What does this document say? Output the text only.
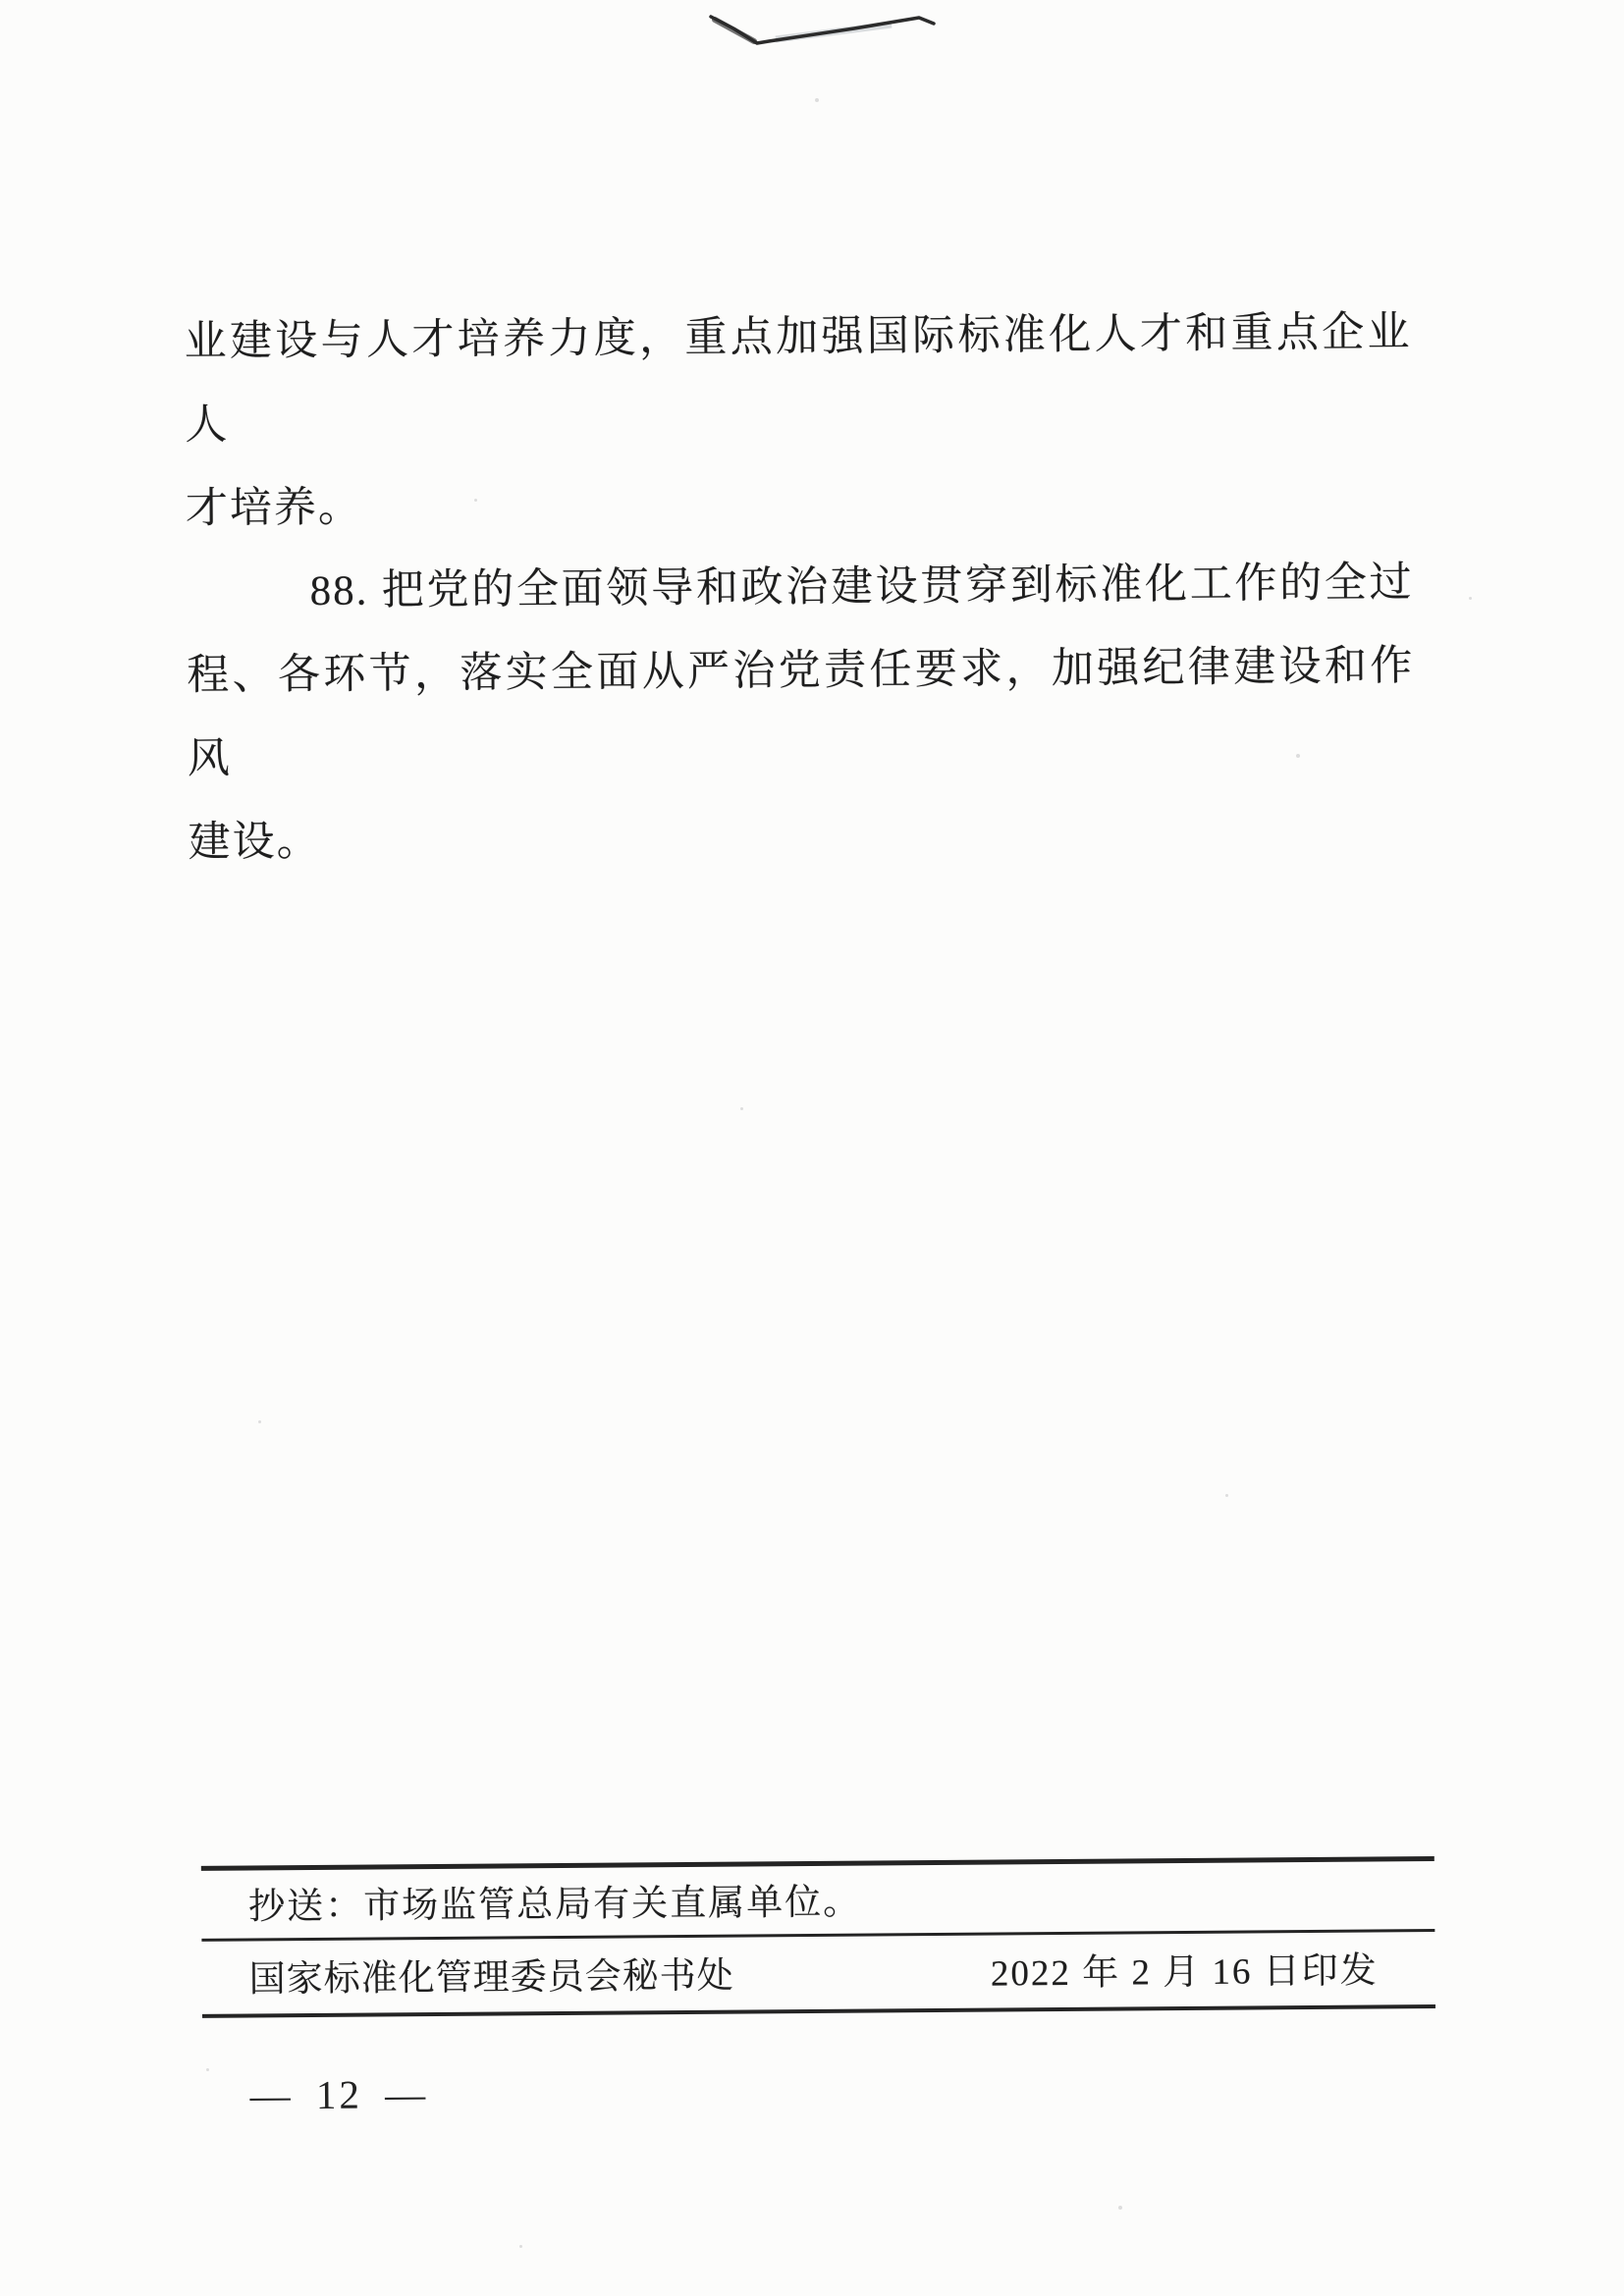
业建设与人才培养力度，重点加强国际标准化人才和重点企业人
才培养。
88. 把党的全面领导和政治建设贯穿到标准化工作的全过
程、各环节，落实全面从严治党责任要求，加强纪律建设和作风
建设。
抄送：市场监管总局有关直属单位。
国家标准化管理委员会秘书处	2022 年 2 月 16 日印发
— 12 —
